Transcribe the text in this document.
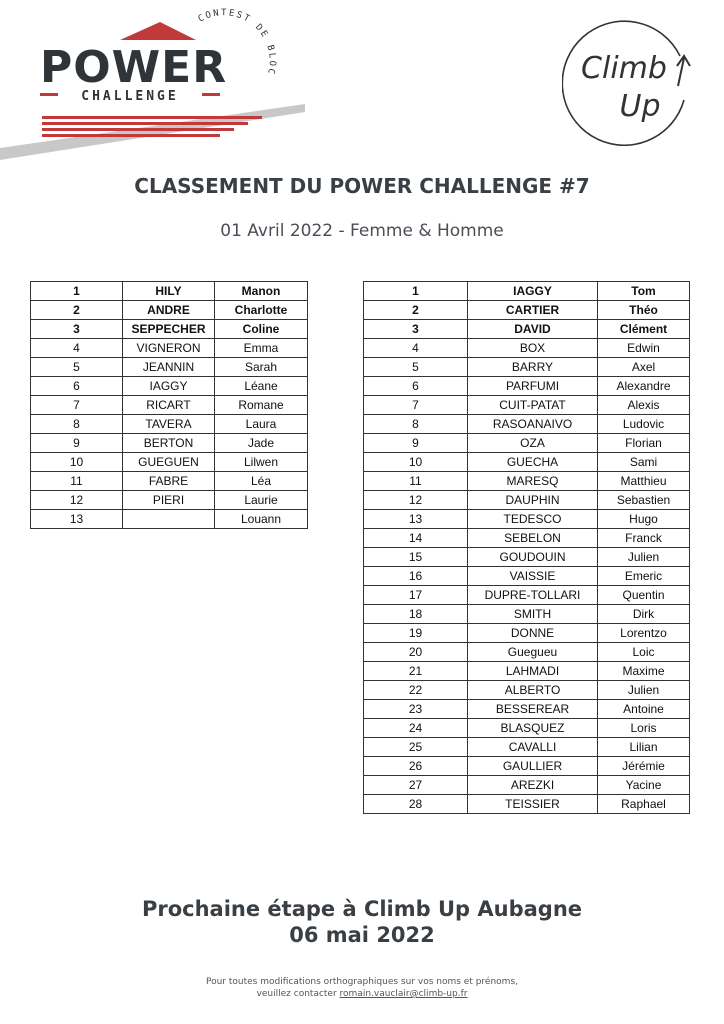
POWER
CHALLENGE
CONTEST DE BLOC	Climb
Up
CLASSEMENT DU POWER CHALLENGE #7
01 Avril 2022 - Femme & Homme
1	HILY	Manon
2	ANDRE	Charlotte
3	SEPPECHER	Coline
4	VIGNERON	Emma
5	JEANNIN	Sarah
6	IAGGY	Léane
7	RICART	Romane
8	TAVERA	Laura
9	BERTON	Jade
10	GUEGUEN	Lilwen
11	FABRE	Léa
12	PIERI	Laurie
13		Louann
1	IAGGY	Tom
2	CARTIER	Théo
3	DAVID	Clément
4	BOX	Edwin
5	BARRY	Axel
6	PARFUMI	Alexandre
7	CUIT-PATAT	Alexis
8	RASOANAIVO	Ludovic
9	OZA	Florian
10	GUECHA	Sami
11	MARESQ	Matthieu
12	DAUPHIN	Sebastien
13	TEDESCO	Hugo
14	SEBELON	Franck
15	GOUDOUIN	Julien
16	VAISSIE	Emeric
17	DUPRE-TOLLARI	Quentin
18	SMITH	Dirk
19	DONNE	Lorentzo
20	Guegueu	Loic
21	LAHMADI	Maxime
22	ALBERTO	Julien
23	BESSEREAR	Antoine
24	BLASQUEZ	Loris
25	CAVALLI	Lilian
26	GAULLIER	Jérémie
27	AREZKI	Yacine
28	TEISSIER	Raphael
Prochaine étape à Climb Up Aubagne
06 mai 2022
Pour toutes modifications orthographiques sur vos noms et prénoms,
veuillez contacter romain.vauclair@climb-up.fr
